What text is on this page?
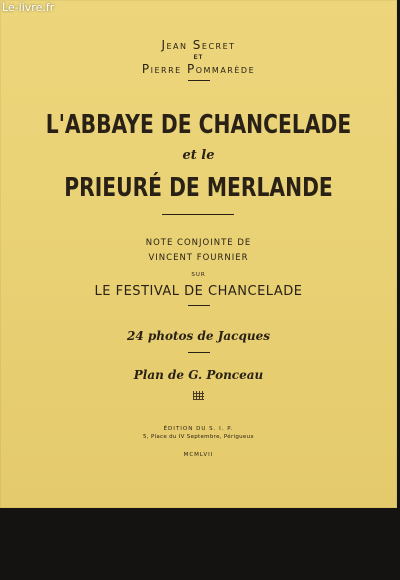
Le-livre.fr
Jean Secret
ET
Pierre Pommarède
L'ABBAYE DE CHANCELADE
et le
PRIEURÉ DE MERLANDE
NOTE CONJOINTE DE
VINCENT FOURNIER
SUR
LE FESTIVAL DE CHANCELADE
24 photos de Jacques
Plan de G. Ponceau
ÉDITION DU S. I. P.
5, Place du IV Septembre, Périgueux
MCMLVII
